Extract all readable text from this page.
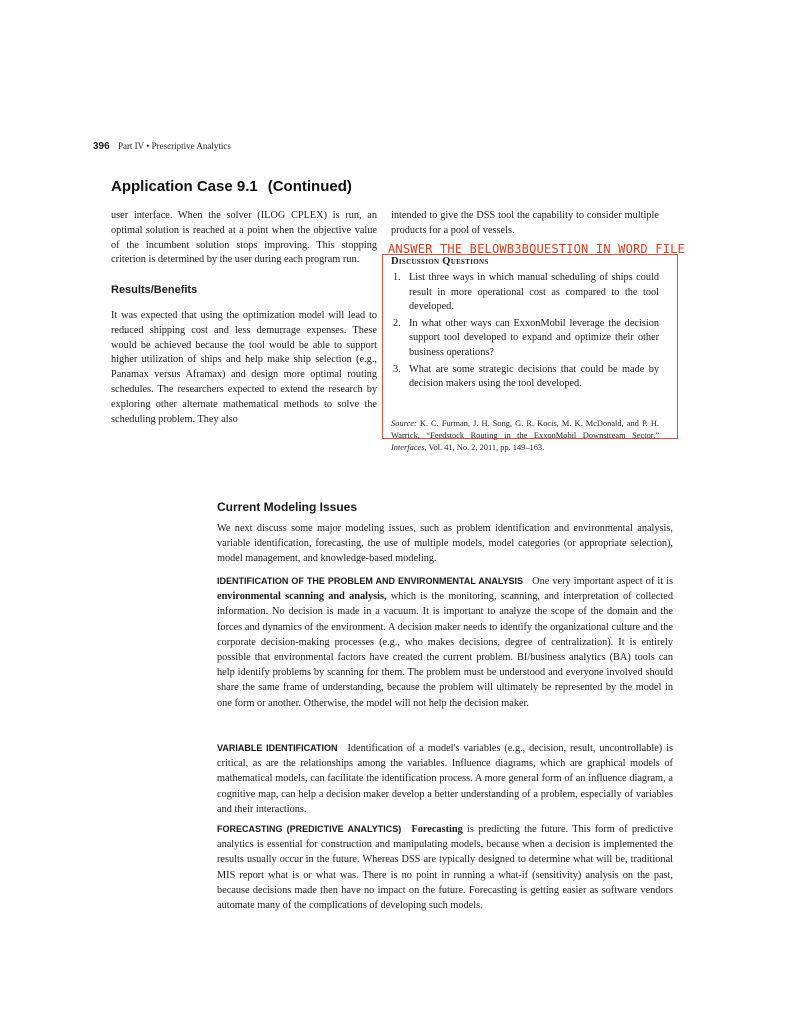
396 Part IV • Prescriptive Analytics
Application Case 9.1 (Continued)

user interface. When the solver (ILOG CPLEX) is run, an optimal solution is reached at a point when the objective value of the incumbent solution stops improving. This stopping criterion is determined by the user during each program run.

Results/Benefits

It was expected that using the optimization model will lead to reduced shipping cost and less demurrage expenses. These would be achieved because the tool would be able to support higher utilization of ships and help make ship selection (e.g., Panamax versus Aframax) and design more optimal routing schedules. The researchers expected to extend the research by exploring other alternate mathematical methods to solve the scheduling problem. They also

intended to give the DSS tool the capability to consider multiple products for a pool of vessels.

ANSWER THE BELOWB3BQUESTION IN WORD FILE
Discussion Questions
1. List three ways in which manual scheduling of ships could result in more operational cost as compared to the tool developed.
2. In what other ways can ExxonMobil leverage the decision support tool developed to expand and optimize their other business operations?
3. What are some strategic decisions that could be made by decision makers using the tool developed.
Source: K. C. Furman, J. H. Song, G. R. Kocis, M. K. McDonald, and P. H. Warrick, “Feedstock Routing in the ExxonMobil Downstream Sector,” Interfaces, Vol. 41, No. 2, 2011, pp. 149–163.
Current Modeling Issues

We next discuss some major modeling issues, such as problem identification and environmental analysis, variable identification, forecasting, the use of multiple models, model categories (or appropriate selection), model management, and knowledge-based modeling.

IDENTIFICATION OF THE PROBLEM AND ENVIRONMENTAL ANALYSIS One very important aspect of it is environmental scanning and analysis, which is the monitoring, scanning, and interpretation of collected information. No decision is made in a vacuum. It is important to analyze the scope of the domain and the forces and dynamics of the environment. A decision maker needs to identify the organizational culture and the corporate decision-making processes (e.g., who makes decisions, degree of centralization). It is entirely possible that environmental factors have created the current problem. BI/business analytics (BA) tools can help identify problems by scanning for them. The problem must be understood and everyone involved should share the same frame of understanding, because the problem will ultimately be represented by the model in one form or another. Otherwise, the model will not help the decision maker.

VARIABLE IDENTIFICATION Identification of a model's variables (e.g., decision, result, uncontrollable) is critical, as are the relationships among the variables. Influence diagrams, which are graphical models of mathematical models, can facilitate the identification process. A more general form of an influence diagram, a cognitive map, can help a decision maker develop a better understanding of a problem, especially of variables and their interactions.

FORECASTING (PREDICTIVE ANALYTICS) Forecasting is predicting the future. This form of predictive analytics is essential for construction and manipulating models, because when a decision is implemented the results usually occur in the future. Whereas DSS are typically designed to determine what will be, traditional MIS report what is or what was. There is no point in running a what-if (sensitivity) analysis on the past, because decisions made then have no impact on the future. Forecasting is getting easier as software vendors automate many of the complications of developing such models.
